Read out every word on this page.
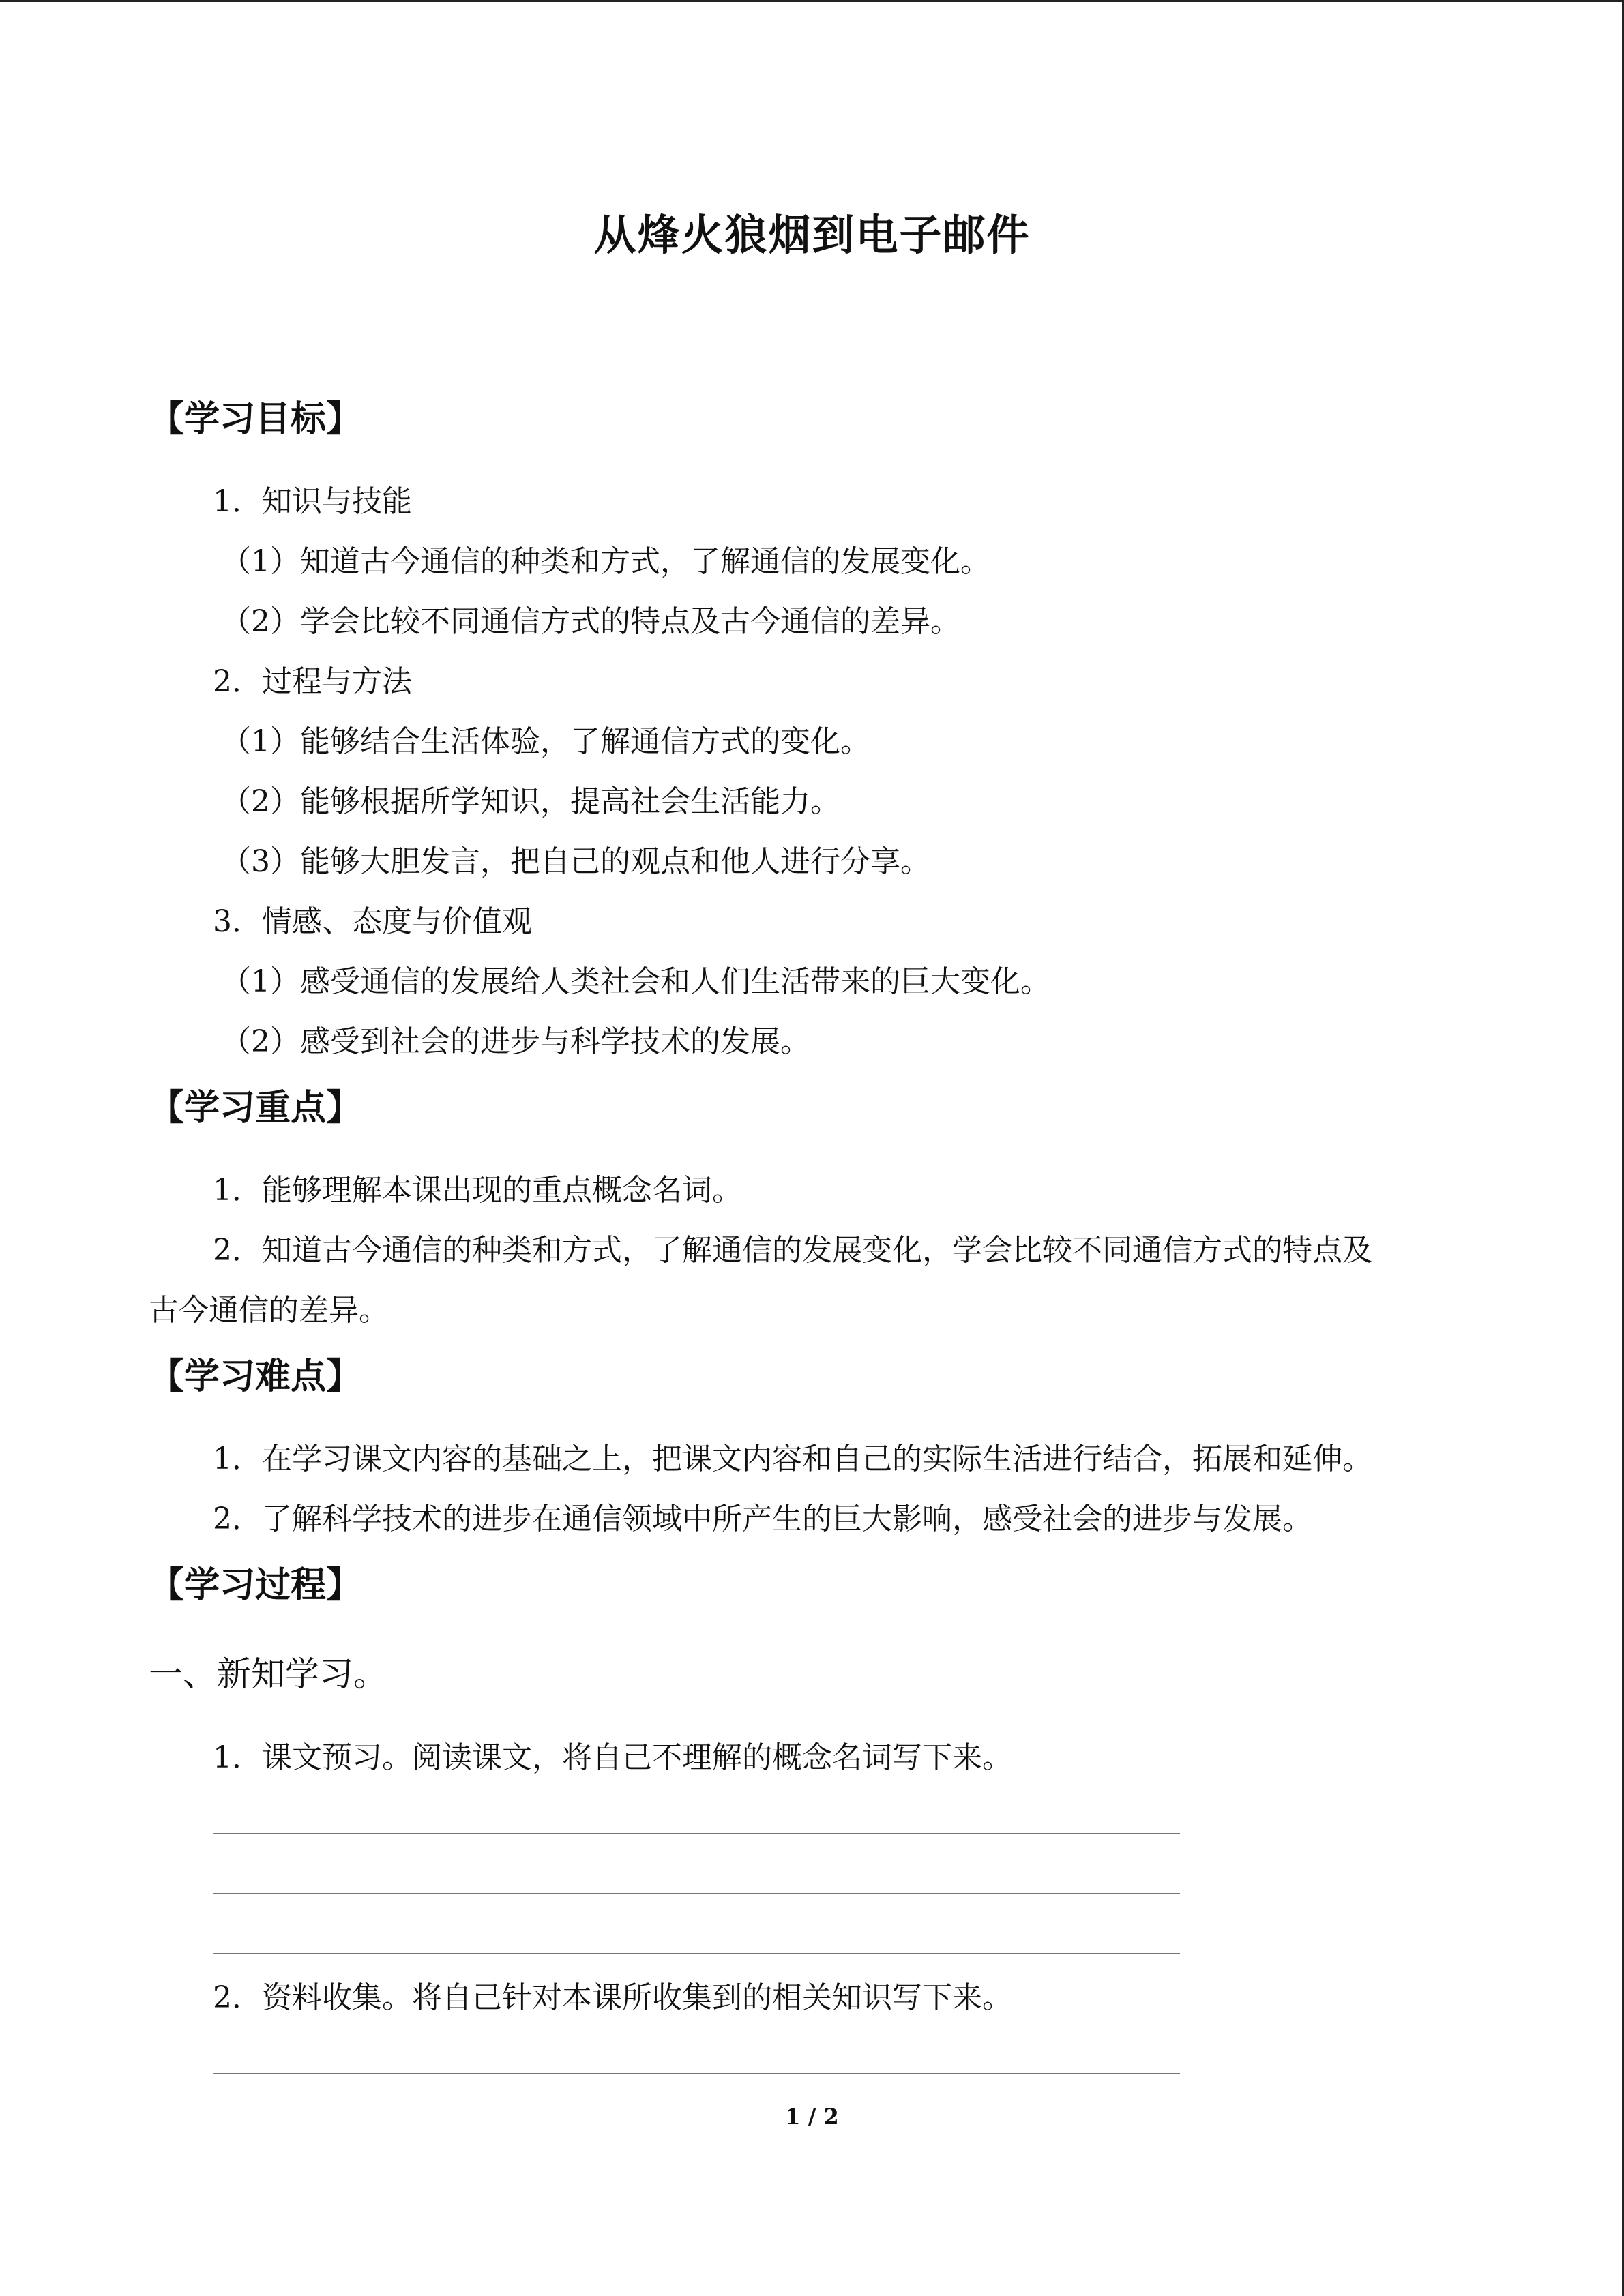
从烽火狼烟到电子邮件
【学习目标】
1．知识与技能
（1）知道古今通信的种类和方式，了解通信的发展变化。
（2）学会比较不同通信方式的特点及古今通信的差异。
2．过程与方法
（1）能够结合生活体验，了解通信方式的变化。
（2）能够根据所学知识，提高社会生活能力。
（3）能够大胆发言，把自己的观点和他人进行分享。
3．情感、态度与价值观
（1）感受通信的发展给人类社会和人们生活带来的巨大变化。
（2）感受到社会的进步与科学技术的发展。
【学习重点】
1．能够理解本课出现的重点概念名词。
2．知道古今通信的种类和方式，了解通信的发展变化，学会比较不同通信方式的特点及
古今通信的差异。
【学习难点】
1．在学习课文内容的基础之上，把课文内容和自己的实际生活进行结合，拓展和延伸。
2．了解科学技术的进步在通信领域中所产生的巨大影响，感受社会的进步与发展。
【学习过程】
一、新知学习。
1．课文预习。阅读课文，将自己不理解的概念名词写下来。
2．资料收集。将自己针对本课所收集到的相关知识写下来。
1 / 2
